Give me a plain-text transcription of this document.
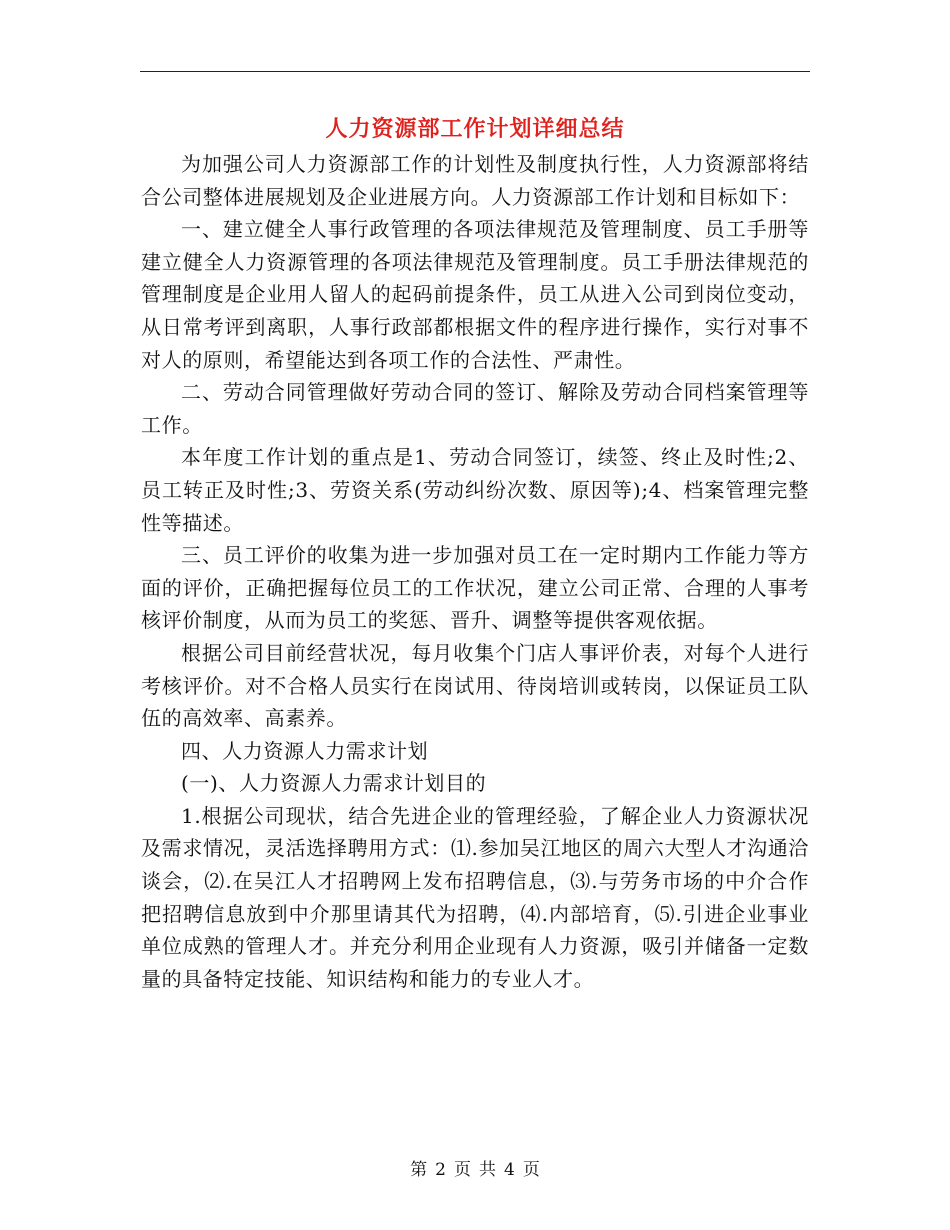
人力资源部工作计划详细总结

为加强公司人力资源部工作的计划性及制度执行性，人力资源部将结合公司整体进展规划及企业进展方向。人力资源部工作计划和目标如下：

一、建立健全人事行政管理的各项法律规范及管理制度、员工手册等建立健全人力资源管理的各项法律规范及管理制度。员工手册法律规范的管理制度是企业用人留人的起码前提条件，员工从进入公司到岗位变动，从日常考评到离职，人事行政部都根据文件的程序进行操作，实行对事不对人的原则，希望能达到各项工作的合法性、严肃性。

二、劳动合同管理做好劳动合同的签订、解除及劳动合同档案管理等工作。

本年度工作计划的重点是1、劳动合同签订，续签、终止及时性;2、员工转正及时性;3、劳资关系(劳动纠纷次数、原因等);4、档案管理完整性等描述。

三、员工评价的收集为进一步加强对员工在一定时期内工作能力等方面的评价，正确把握每位员工的工作状况，建立公司正常、合理的人事考核评价制度，从而为员工的奖惩、晋升、调整等提供客观依据。

根据公司目前经营状况，每月收集个门店人事评价表，对每个人进行考核评价。对不合格人员实行在岗试用、待岗培训或转岗，以保证员工队伍的高效率、高素养。

四、人力资源人力需求计划

(一)、人力资源人力需求计划目的

1.根据公司现状，结合先进企业的管理经验，了解企业人力资源状况及需求情况，灵活选择聘用方式：⑴.参加吴江地区的周六大型人才沟通洽谈会，⑵.在吴江人才招聘网上发布招聘信息，⑶.与劳务市场的中介合作把招聘信息放到中介那里请其代为招聘，⑷.内部培育，⑸.引进企业事业单位成熟的管理人才。并充分利用企业现有人力资源，吸引并储备一定数量的具备特定技能、知识结构和能力的专业人才。

第 2 页 共 4 页
